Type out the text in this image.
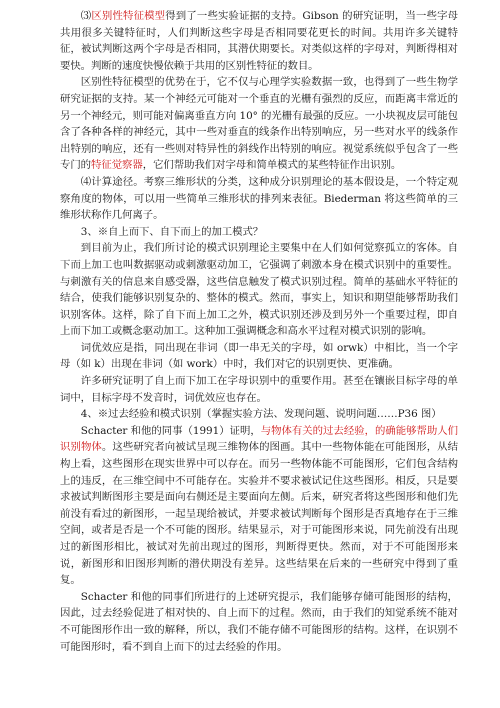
⑶区别性特征模型得到了一些实验证据的支持。Gibson 的研究证明，当一些字母共用很多关键特征时，人们判断这些字母是否相同要花更长的时间。共用许多关键特征，被试判断这两个字母是否相同，其潜伏期要长。对类似这样的字母对，判断得相对要快。判断的速度快慢依赖于共用的区别性特征的数目。

区别性特征模型的优势在于，它不仅与心理学实验数据一致，也得到了一些生物学研究证据的支持。某一个神经元可能对一个垂直的光栅有强烈的反应，而距离丰常近的另一个神经元，则可能对偏离垂直方向 10° 的光栅有最强的反应。一小块视皮层可能包含了各种各样的神经元，其中一些对垂直的线条作出特别响应，另一些对水平的线条作出特别的响应，还有一些则对特异性的斜线作出特别的响应。视觉系统似乎包含了一些专门的特征觉察器，它们帮助我们对字母和简单模式的某些特征作出识别。

⑷计算途径。考察三维形状的分类，这种成分识别理论的基本假设是，一个特定观察角度的物体，可以用一些简单三维形状的排列来表征。Biederman 将这些简单的三维形状称作几何离子。

3、※自上而下、自下而上的加工模式？

到目前为止，我们所讨论的模式识别理论主要集中在人们如何觉察孤立的客体。自下而上加工也叫数据驱动或刺激驱动加工，它强调了刺激本身在模式识别中的重要性。与刺激有关的信息来自感受器，这些信息触发了模式识别过程。简单的基础水平特征的结合，使我们能够识别复杂的、整体的模式。然而，事实上，知识和期望能够帮助我们识别客体。这样，除了自下而上加工之外，模式识别还涉及到另外一个重要过程，即自上而下加工或概念驱动加工。这种加工强调概念和高水平过程对模式识别的影响。

词优效应是指，同出现在非词（即一串无关的字母，如 orwk）中相比，当一个字母（如 k）出现在非词（如 work）中时，我们对它的识别更快、更准确。

许多研究证明了自上而下加工在字母识别中的重要作用。甚至在镶嵌目标字母的单词中，目标字母不发音时，词优效应也存在。

4、※过去经验和模式识别（掌握实验方法、发现问题、说明问题……P36 图）

Schacter 和他的同事（1991）证明，与物体有关的过去经验，的确能够帮助人们识别物体。这些研究者向被试呈现三维物体的图画。其中一些物体能在可能图形，从结构上看，这些图形在现实世界中可以存在。而另一些物体能不可能图形，它们包含结构上的违反，在三维空间中不可能存在。实验并不要求被试记住这些图形。相反，只是要求被试判断图形主要是面向右侧还是主要面向左侧。后来，研究者将这些图形和他们先前没有看过的新图形，一起呈现给被试，并要求被试判断每个图形是否真地存在于三维空间，或者是否是一个不可能的图形。结果显示，对于可能图形来说，同先前没有出现过的新图形相比，被试对先前出现过的图形，判断得更快。然而，对于不可能图形来说，新图形和旧图形判断的潜伏期没有差异。这些结果在后来的一些研究中得到了重复。

Schacter 和他的同事们所进行的上述研究提示，我们能够存储可能图形的结构，因此，过去经验促进了相对快的、自上而下的过程。然而，由于我们的知觉系统不能对不可能图形作出一致的解释，所以，我们不能存储不可能图形的结构。这样，在识别不可能图形时，看不到自上而下的过去经验的作用。
